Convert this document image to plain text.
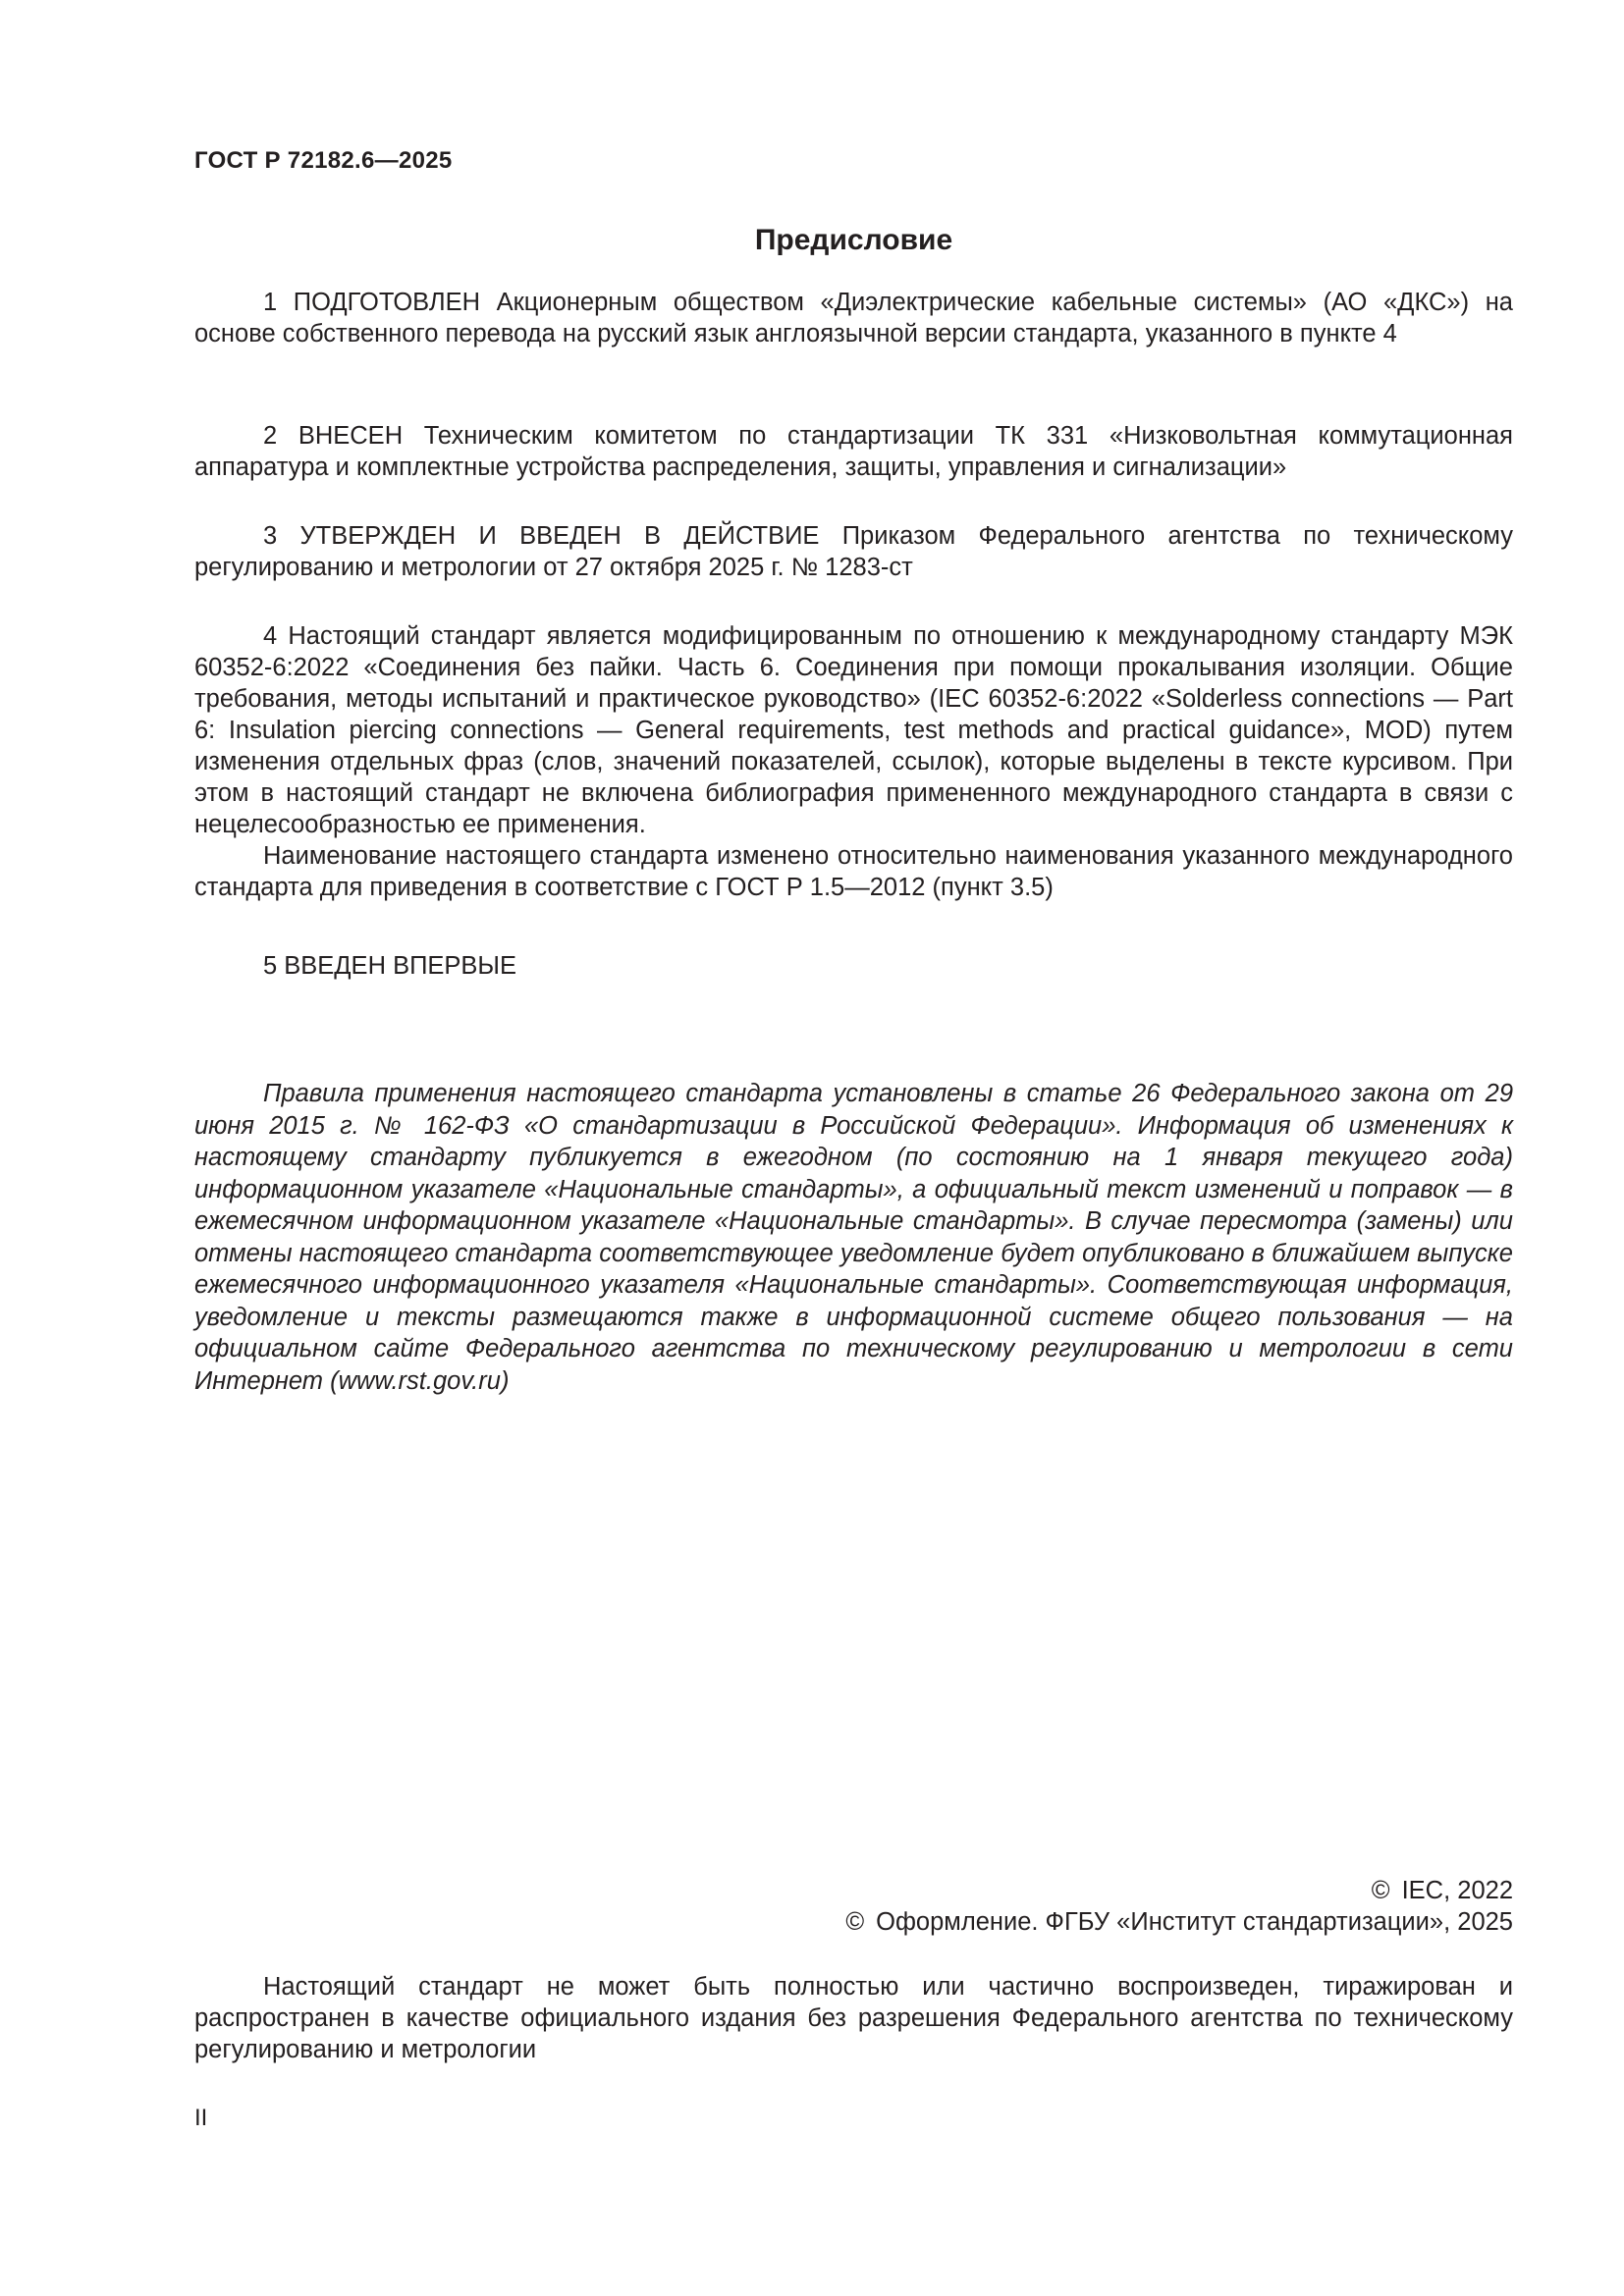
ГОСТ Р 72182.6—2025
Предисловие

1 ПОДГОТОВЛЕН Акционерным обществом «Диэлектрические кабельные системы» (АО «ДКС») на основе собственного перевода на русский язык англоязычной версии стандарта, указанного в пункте 4

2 ВНЕСЕН Техническим комитетом по стандартизации ТК 331 «Низковольтная коммутационная аппаратура и комплектные устройства распределения, защиты, управления и сигнализации»

3 УТВЕРЖДЕН И ВВЕДЕН В ДЕЙСТВИЕ Приказом Федерального агентства по техническому регулированию и метрологии от 27 октября 2025 г. № 1283-ст

4 Настоящий стандарт является модифицированным по отношению к международному стандарту МЭК 60352-6:2022 «Соединения без пайки. Часть 6. Соединения при помощи прокалывания изоляции. Общие требования, методы испытаний и практическое руководство» (IEC 60352-6:2022 «Solderless connections — Part 6: Insulation piercing connections — General requirements, test methods and practical guidance», MOD) путем изменения отдельных фраз (слов, значений показателей, ссылок), которые выделены в тексте курсивом. При этом в настоящий стандарт не включена библиография примененного международного стандарта в связи с нецелесообразностью ее применения.

Наименование настоящего стандарта изменено относительно наименования указанного международного стандарта для приведения в соответствие с ГОСТ Р 1.5—2012 (пункт 3.5)

5 ВВЕДЕН ВПЕРВЫЕ

Правила применения настоящего стандарта установлены в статье 26 Федерального закона от 29 июня 2015 г. № 162-ФЗ «О стандартизации в Российской Федерации». Информация об изменениях к настоящему стандарту публикуется в ежегодном (по состоянию на 1 января текущего года) информационном указателе «Национальные стандарты», а официальный текст изменений и поправок — в ежемесячном информационном указателе «Национальные стандарты». В случае пересмотра (замены) или отмены настоящего стандарта соответствующее уведомление будет опубликовано в ближайшем выпуске ежемесячного информационного указателя «Национальные стандарты». Соответствующая информация, уведомление и тексты размещаются также в информационной системе общего пользования — на официальном сайте Федерального агентства по техническому регулированию и метрологии в сети Интернет (www.rst.gov.ru)

© IEC, 2022
© Оформление. ФГБУ «Институт стандартизации», 2025

Настоящий стандарт не может быть полностью или частично воспроизведен, тиражирован и распространен в качестве официального издания без разрешения Федерального агентства по техническому регулированию и метрологии

II
